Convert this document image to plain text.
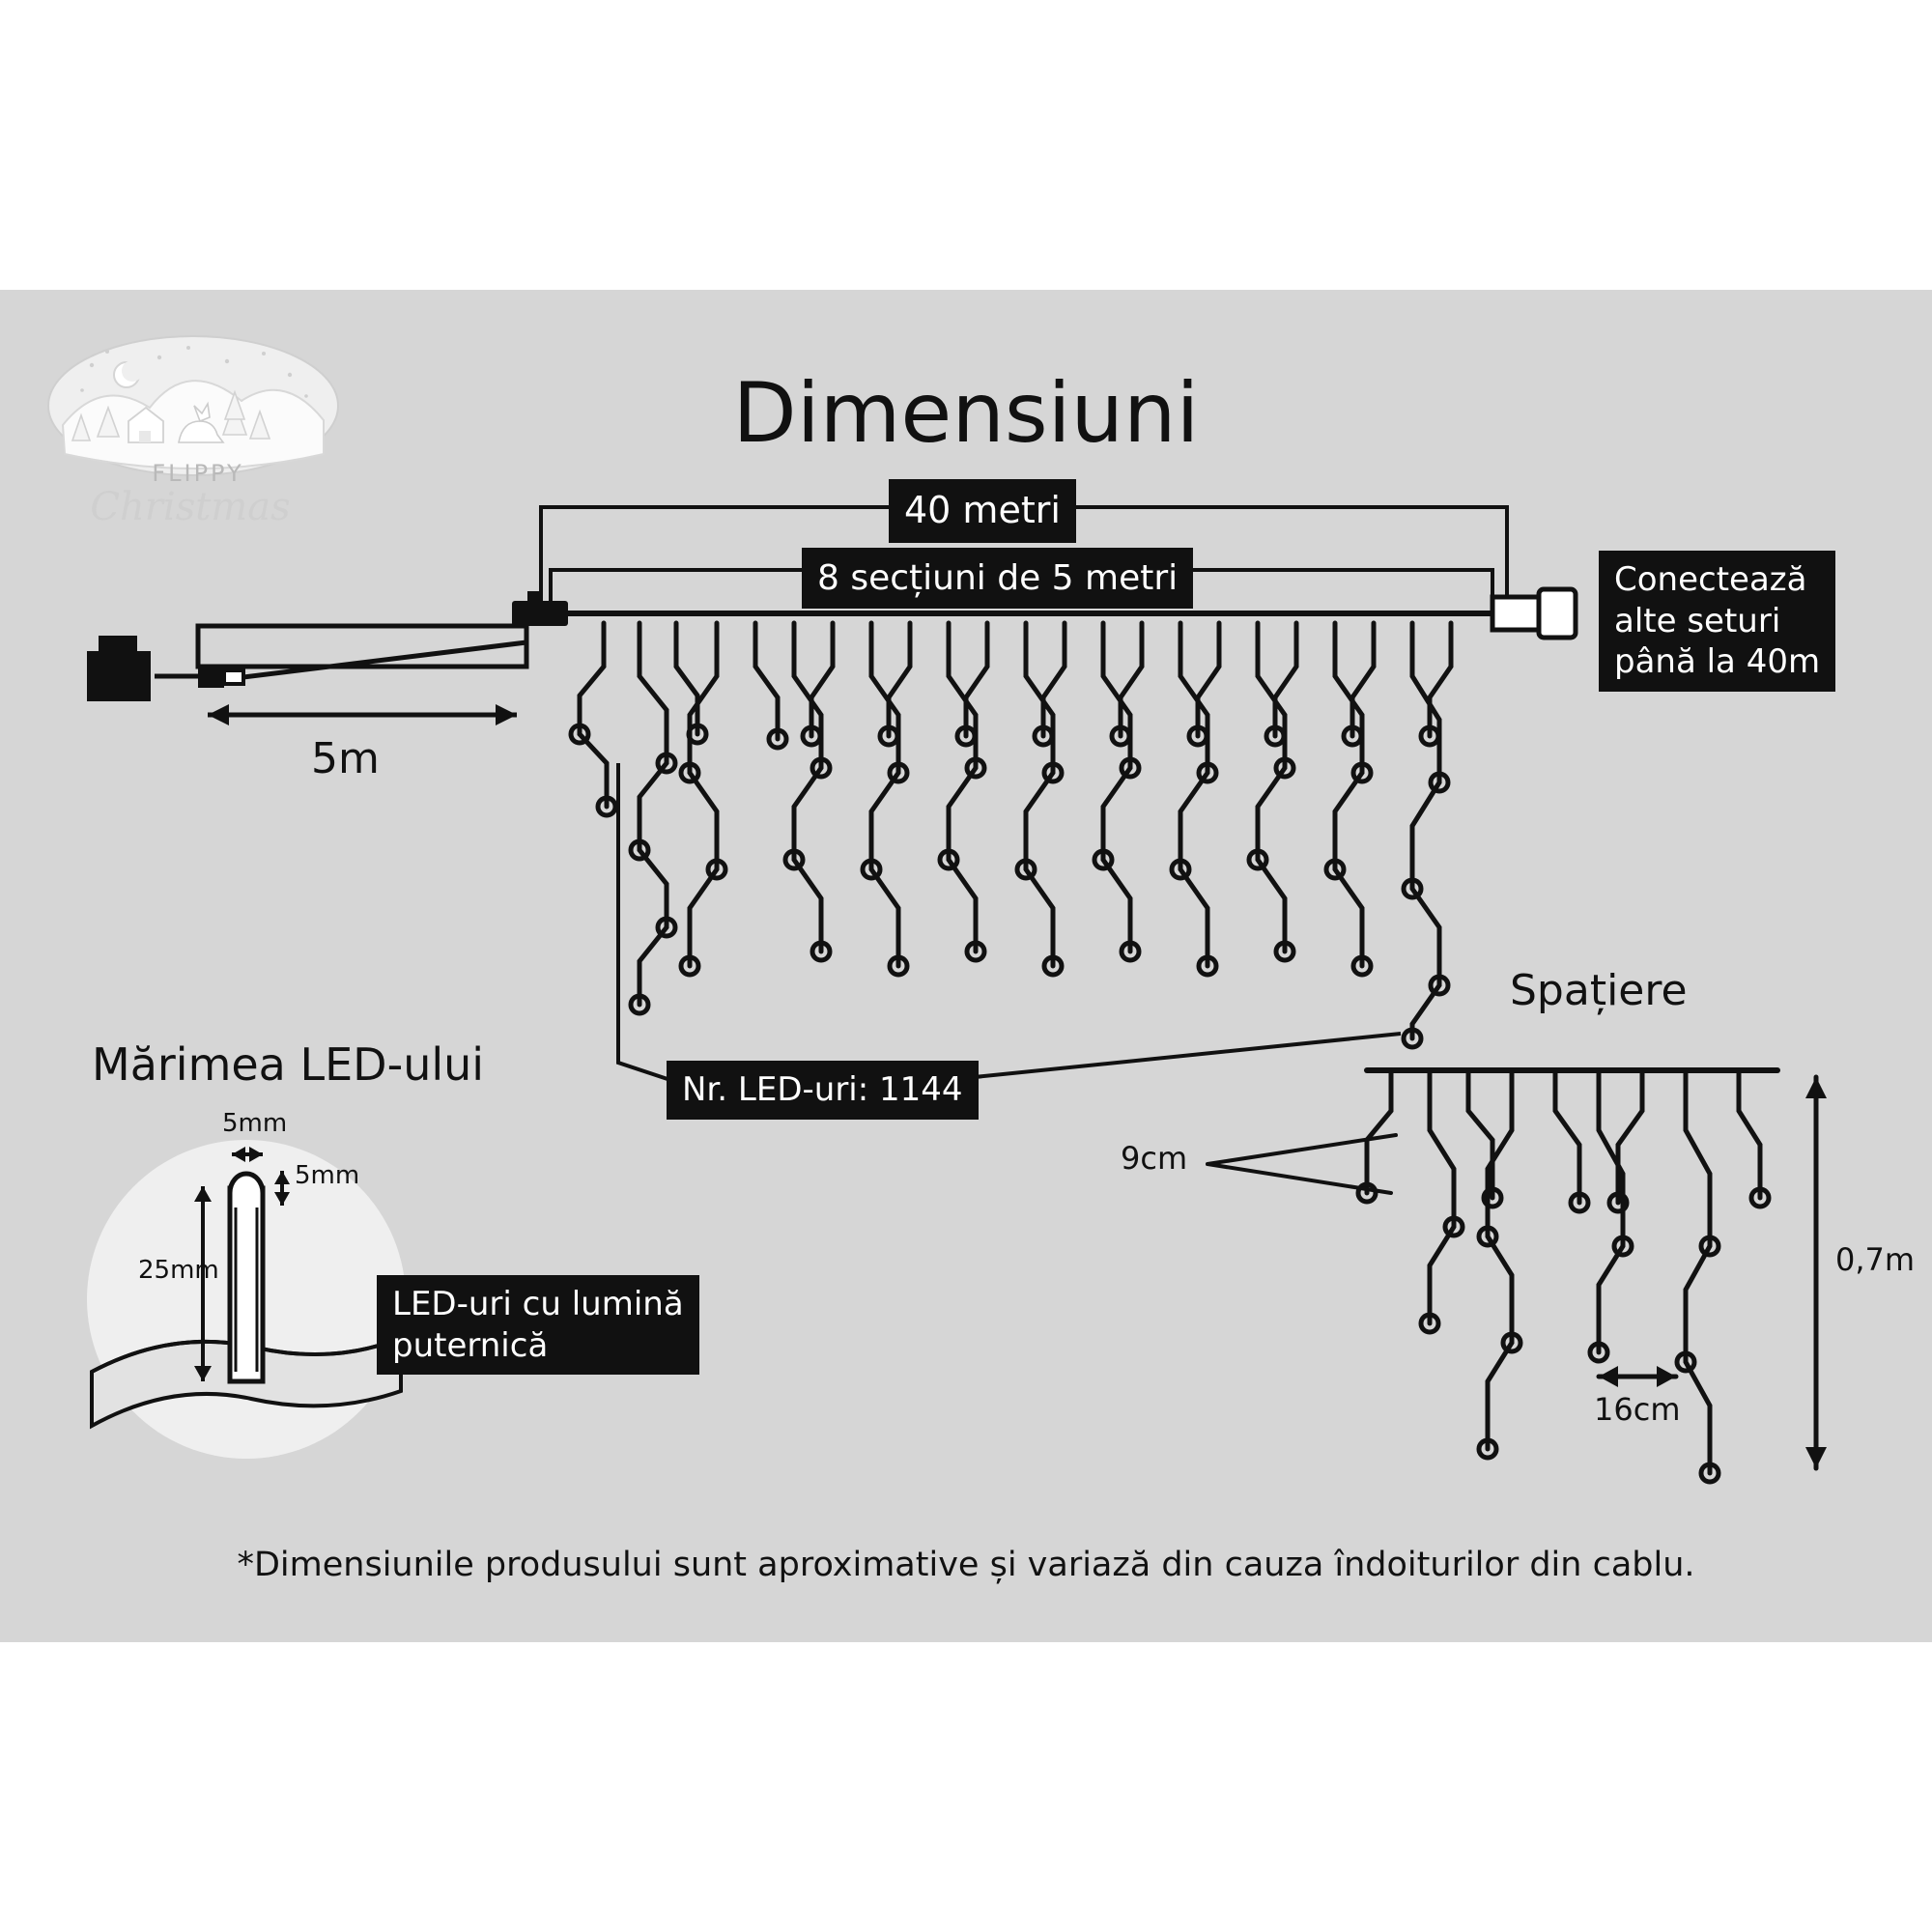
FLIPPY
Christmas
Dimensiuni
40 metri
8 secțiuni de 5 metri	Conectează
alte seturi
până la 40m
5m
Nr. LED-uri: 1144
Spațiere
9cm
16cm
0,7m
Mărimea LED-ului
5mm
5mm
25mm
LED-uri cu lumină
puternică
*Dimensiunile produsului sunt aproximative și variază din cauza îndoiturilor din cablu.
